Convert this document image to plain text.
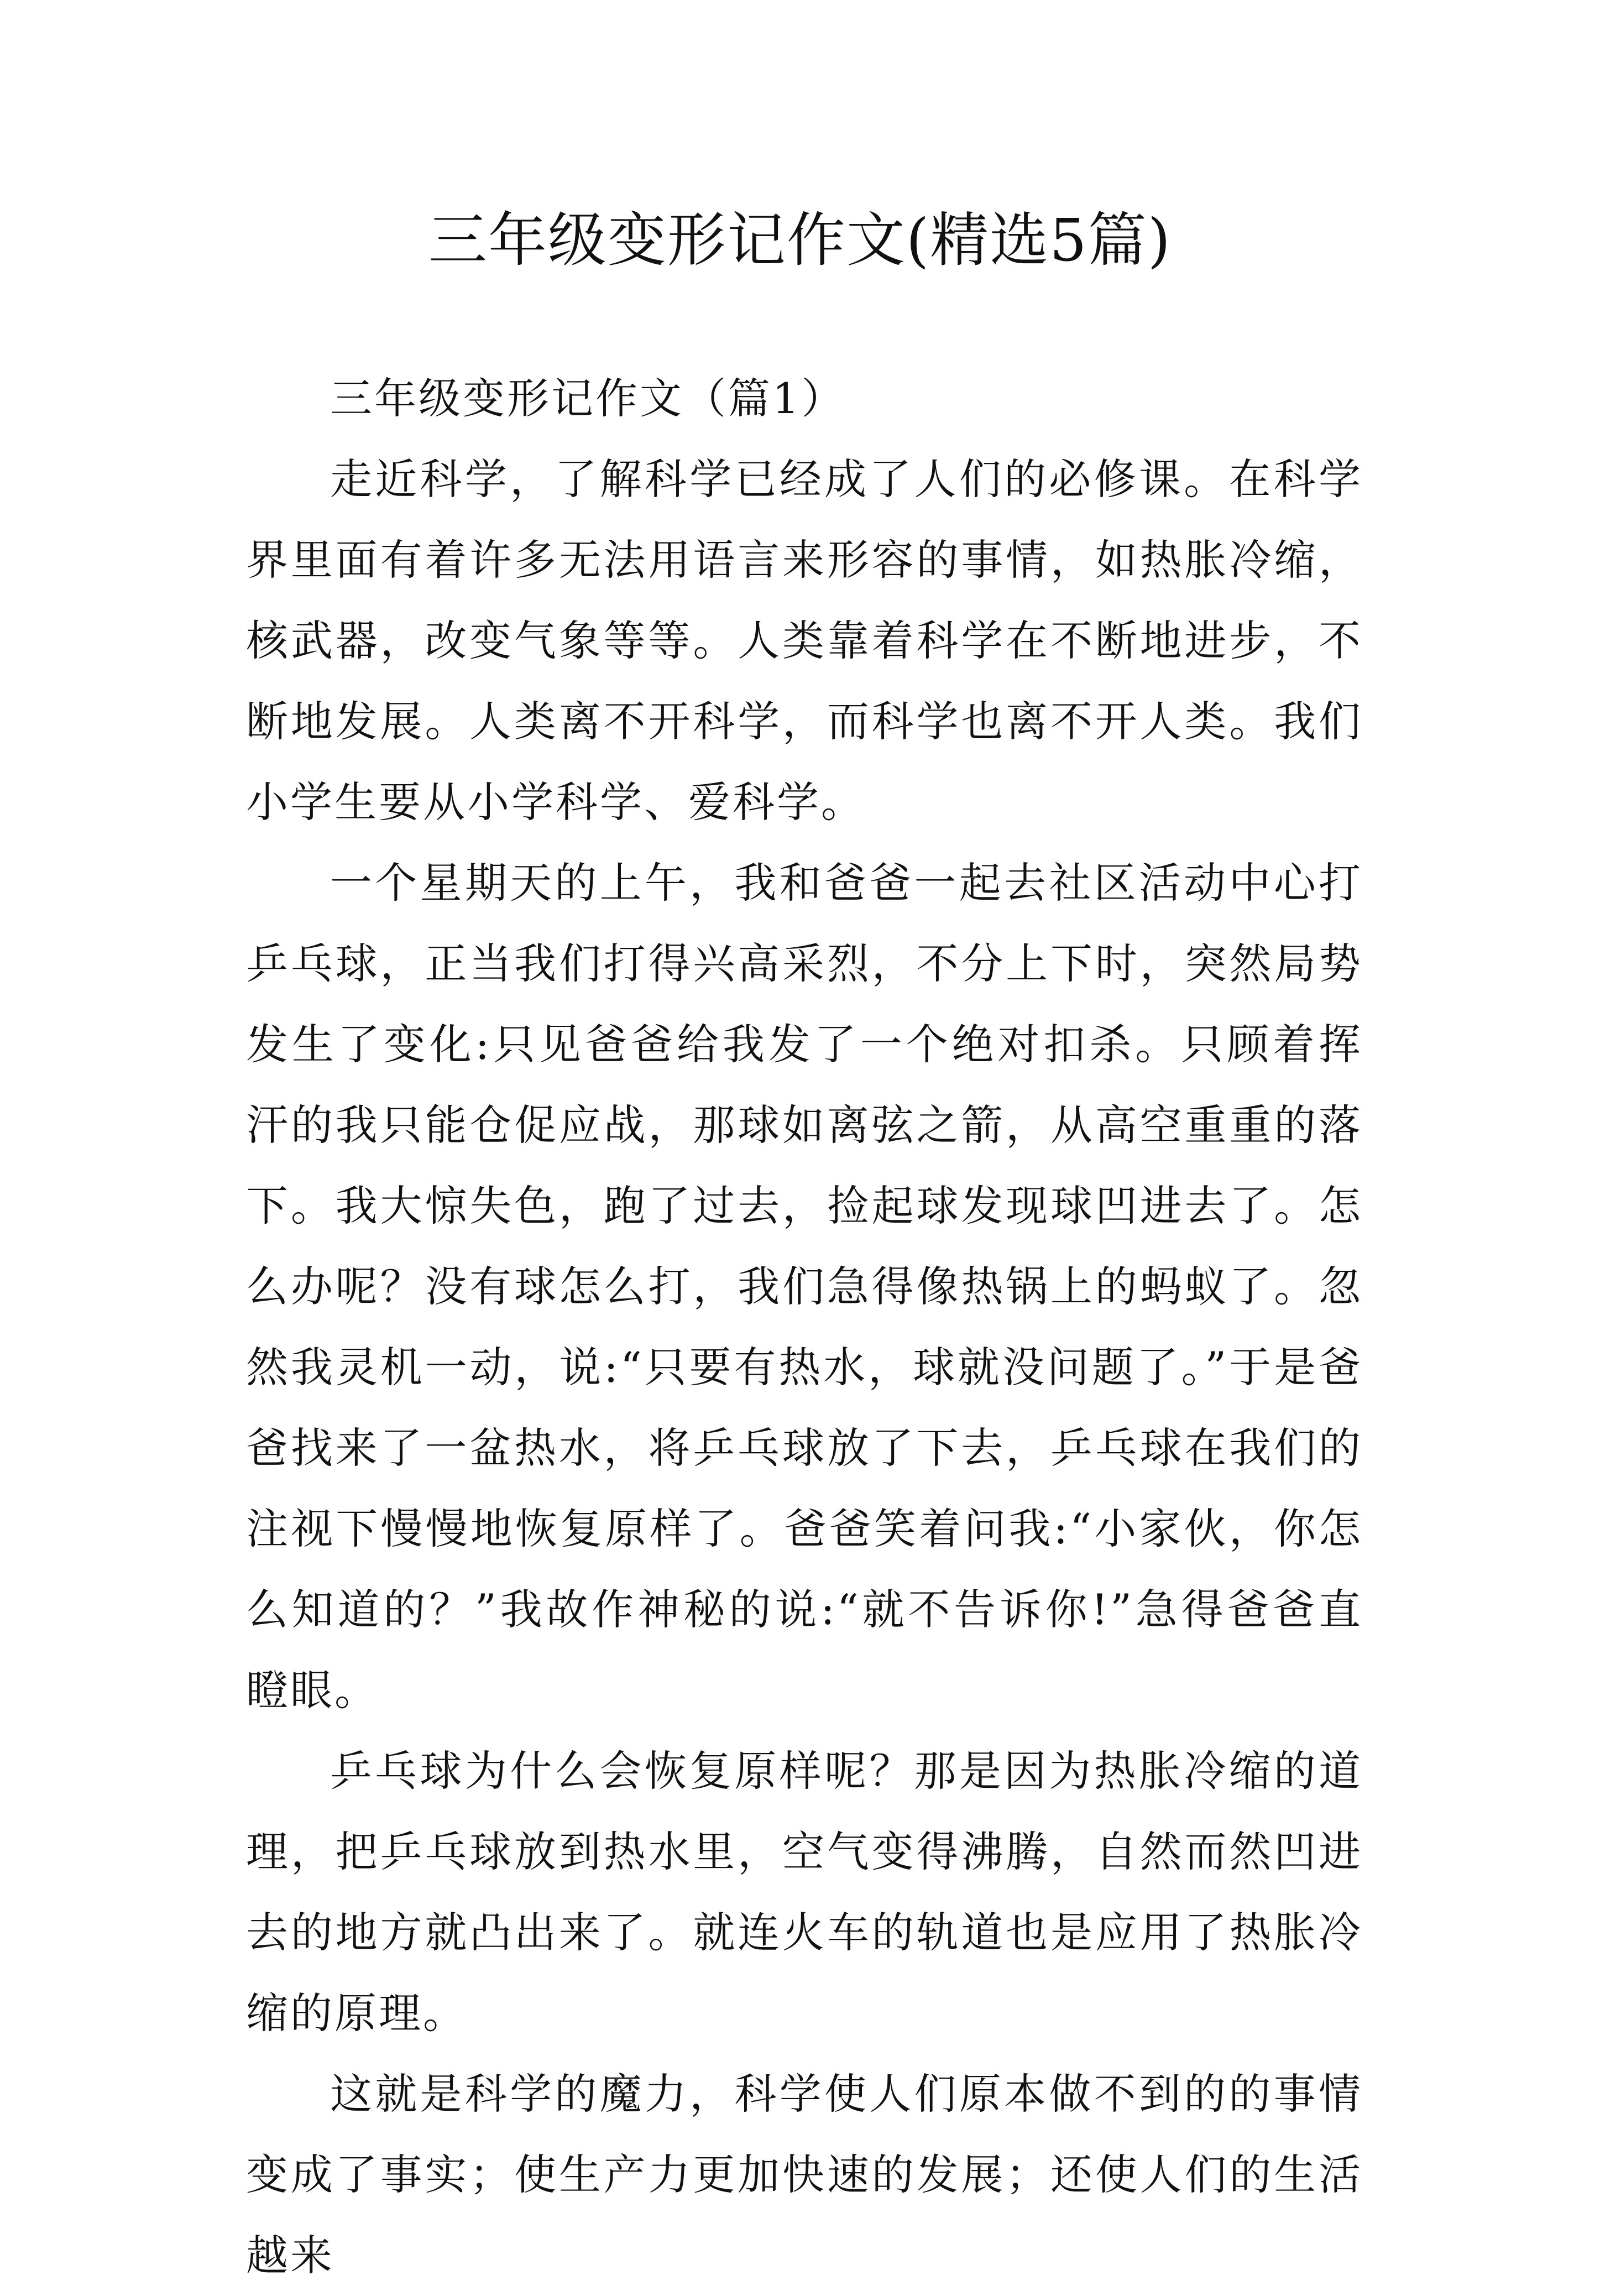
三年级变形记作文(精选5篇)

三年级变形记作文（篇1）

走近科学，了解科学已经成了人们的必修课。在科学界里面有着许多无法用语言来形容的事情，如热胀冷缩，核武器，改变气象等等。人类靠着科学在不断地进步，不断地发展。人类离不开科学，而科学也离不开人类。我们小学生要从小学科学、爱科学。

一个星期天的上午，我和爸爸一起去社区活动中心打乒乓球，正当我们打得兴高采烈，不分上下时，突然局势发生了变化:只见爸爸给我发了一个绝对扣杀。只顾着挥汗的我只能仓促应战，那球如离弦之箭，从高空重重的落下。我大惊失色，跑了过去，捡起球发现球凹进去了。怎么办呢？没有球怎么打，我们急得像热锅上的蚂蚁了。忽然我灵机一动，说:“只要有热水，球就没问题了。”于是爸爸找来了一盆热水，将乒乓球放了下去，乒乓球在我们的注视下慢慢地恢复原样了。爸爸笑着问我:“小家伙，你怎么知道的？”我故作神秘的说:“就不告诉你!”急得爸爸直瞪眼。

乒乓球为什么会恢复原样呢？那是因为热胀冷缩的道理，把乒乓球放到热水里，空气变得沸腾，自然而然凹进去的地方就凸出来了。就连火车的轨道也是应用了热胀冷缩的原理。

这就是科学的魔力，科学使人们原本做不到的的事情变成了事实；使生产力更加快速的发展；还使人们的生活越来
